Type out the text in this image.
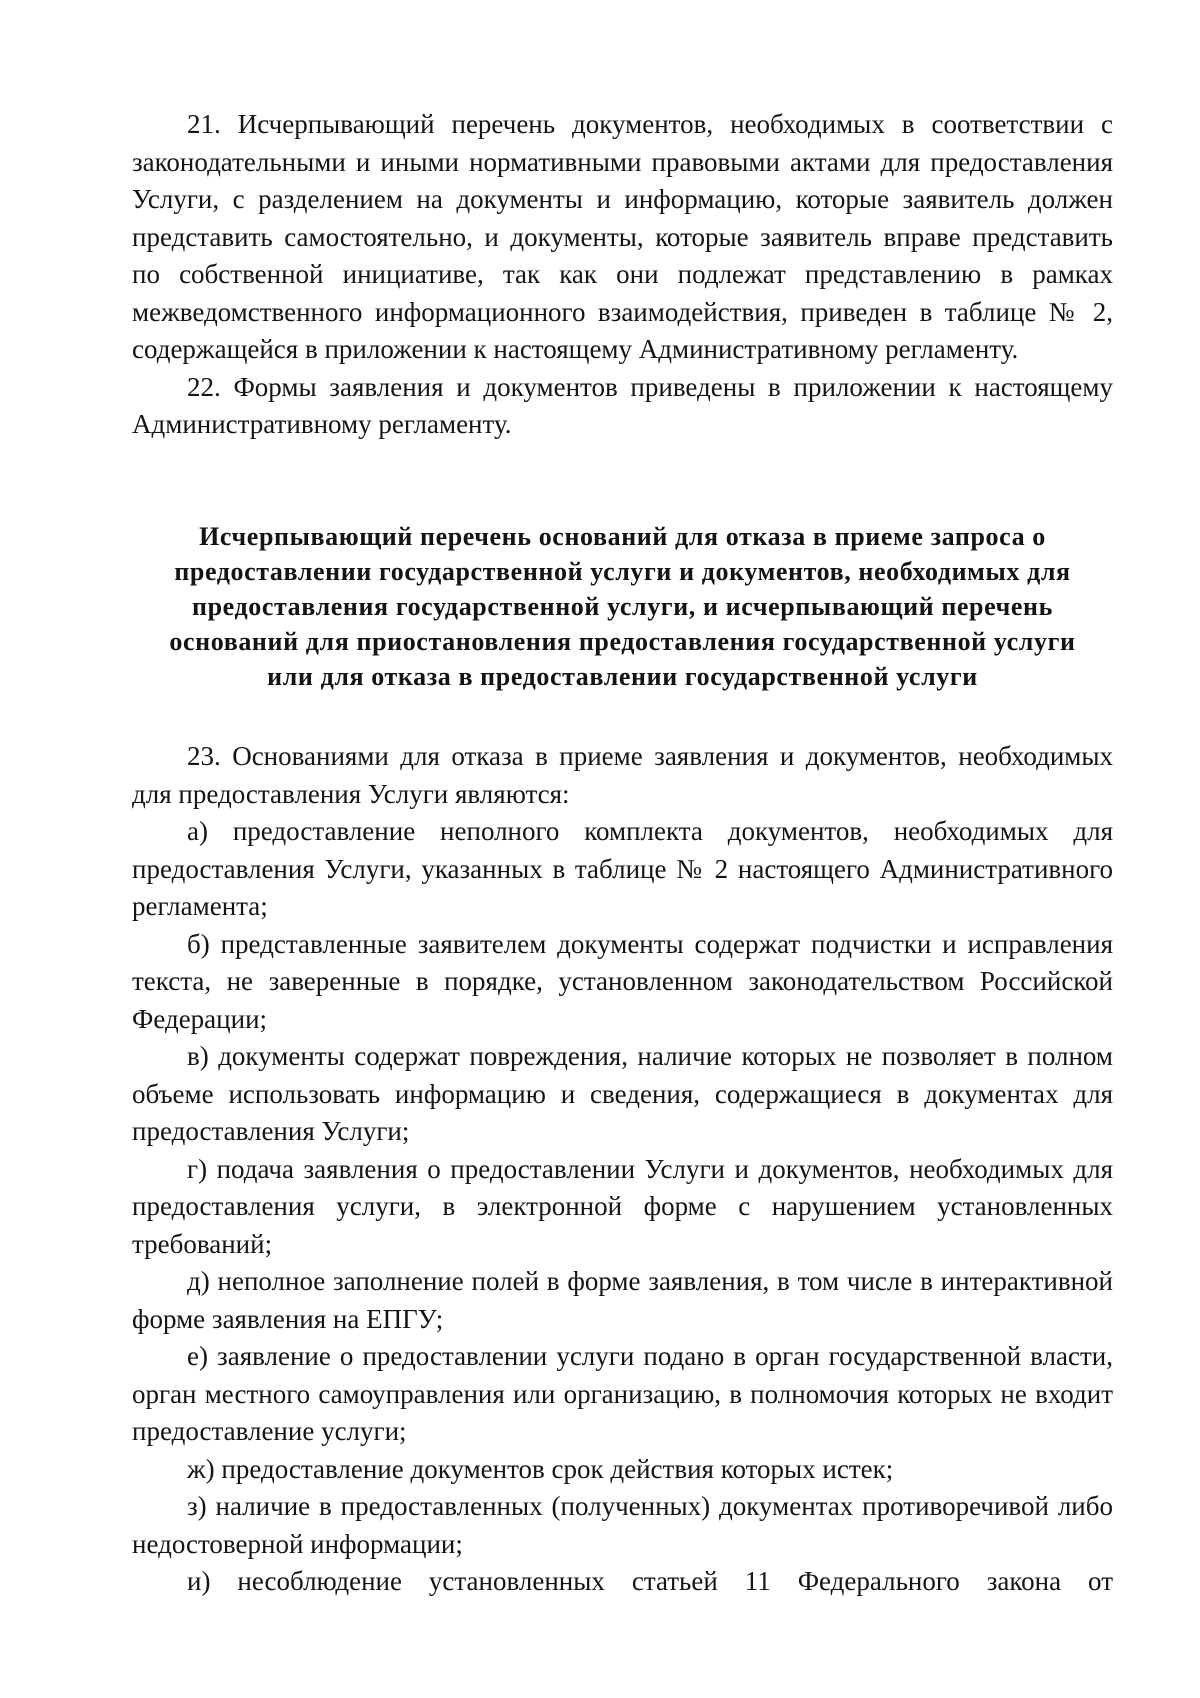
21. Исчерпывающий перечень документов, необходимых в соответствии с законодательными и иными нормативными правовыми актами для предоставления Услуги, с разделением на документы и информацию, которые заявитель должен представить самостоятельно, и документы, которые заявитель вправе представить по собственной инициативе, так как они подлежат представлению в рамках межведомственного информационного взаимодействия, приведен в таблице № 2, содержащейся в приложении к настоящему Административному регламенту.

22. Формы заявления и документов приведены в приложении к настоящему Административному регламенту.

Исчерпывающий перечень оснований для отказа в приеме запроса о
предоставлении государственной услуги и документов, необходимых для
предоставления государственной услуги, и исчерпывающий перечень
оснований для приостановления предоставления государственной услуги
или для отказа в предоставлении государственной услуги

23. Основаниями для отказа в приеме заявления и документов, необходимых для предоставления Услуги являются:

а) предоставление неполного комплекта документов, необходимых для предоставления Услуги, указанных в таблице № 2 настоящего Административного регламента;

б) представленные заявителем документы содержат подчистки и исправления текста, не заверенные в порядке, установленном законодательством Российской Федерации;

в) документы содержат повреждения, наличие которых не позволяет в полном объеме использовать информацию и сведения, содержащиеся в документах для предоставления Услуги;

г) подача заявления о предоставлении Услуги и документов, необходимых для предоставления услуги, в электронной форме с нарушением установленных требований;

д) неполное заполнение полей в форме заявления, в том числе в интерактивной форме заявления на ЕПГУ;

е) заявление о предоставлении услуги подано в орган государственной власти, орган местного самоуправления или организацию, в полномочия которых не входит предоставление услуги;

ж) предоставление документов срок действия которых истек;

з) наличие в предоставленных (полученных) документах противоречивой либо недостоверной информации;

и) несоблюдение установленных статьей 11 Федерального закона от
